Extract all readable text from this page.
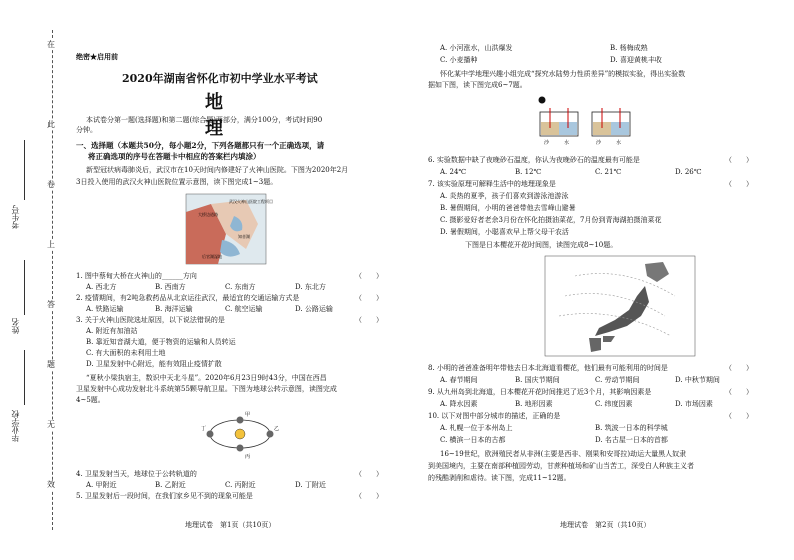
在
此
卷
上
答
题
无
效
考生号
姓名
毕业学校
绝密★启用前
2020年湖南省怀化市初中学业水平考试
地 理
本试卷分第一题(选择题)和第二题(综合题)两部分，满分100分，考试时间90
分钟。
一、选择题（本题共50分，每小题2分，下列各题都只有一个正确选项，请
将正确选项的序号在答题卡中相应的答案栏内填涂）
新型冠状病毒肺炎后，武汉市在10天时间内修建好了火神山医院。下图为2020年2月
3日投入使用的武汉火神山医院位置示意图，读下图完成1~3题。
武汉火神山医院工程项目
大桥边道路
知音湖
后官湖湿地
1. 图中蔡甸大桥在火神山的______方向	（　　）
A. 西北方	B. 西南方	C. 东南方	D. 东北方
2. 疫情期间，有2吨急救药品从北京运往武汉，最适宜的交通运输方式是	（　　）
A. 铁路运输	B. 海洋运输	C. 航空运输	D. 公路运输
3. 关于火神山医院选址原因，以下说法错误的是	（　　）
A. 附近有加油站
B. 靠近知音湖大道，便于物资的运输和人员转运
C. 有大面积的未利用土地
D. 卫星发射中心附近，能有效阻止疫情扩散
“夏秋小梁执宿主，数识中天北斗星”。2020年6月23日9时43分，中国在西昌
卫星发射中心成功发射北斗系统第55颗导航卫星。下图为地球公转示意图，读图完成
4~5题。
甲
乙
丙
丁
4. 卫星发射当天，地球位于公转轨道的	（　　）
A. 甲附近	B. 乙附近	C. 丙附近	D. 丁附近
5. 卫星发射后一段时间，在我们家乡见不到的现象可能是	（　　）
地理试卷　第1页（共10页）
A. 小河涨水，山洪爆发	B. 杨梅成熟
C. 小麦播种	D. 喜迎黄桃丰收
怀化某中学地理兴趣小组完成“探究水陆势力性质差异”的模拟实验，得出实验数
据如下图，读下图完成6~7题。
沙	水	沙	水
6. 实验数据中缺了夜晚砂石温度，你认为夜晚砂石的温度最有可能是	（　　）
A. 24℃	B. 12℃	C. 21℃	D. 26℃
7. 该实验原理可解释生活中的地理现象是	（　　）
A. 炎热的夏季，孩子们喜欢到游泳池游泳
B. 暑假期间，小明的爸爸带他去雪峰山避暑
C. 摄影爱好者老余3月份在怀化拍摄油菜花，7月份到青海湖拍摄油菜花
D. 暑假期间，小聪喜欢早上帮父母干农活
下图是日本樱花开花时间图，读图完成8~10题。
8. 小明的爸爸准备明年带他去日本北海道看樱花，他们最有可能利用的时间是	（　　）
A. 春节期间	B. 国庆节期间	C. 劳动节期间	D. 中秋节期间
9. 从九州岛到北海道，日本樱花开花时间推迟了近3个月，其影响因素是	（　　）
A. 降水因素	B. 地形因素	C. 纬度因素	D. 市场因素
10. 以下对图中部分城市的描述，正确的是	（　　）
A. 札幌一位于本州岛上	B. 筑波一日本的科学城
C. 横滨一日本的古都	D. 名古屋一日本的首都
16~19世纪，欧洲殖民者从非洲(主要是西非、刚果和安哥拉)劫运大量黑人奴隶
到美国境内，主要在南部种植园劳动，甘蔗种植场和矿山当苦工，深受白人种族主义者
的残酷剥削和虐待。读下图，完成11~12题。
地理试卷　第2页（共10页）
